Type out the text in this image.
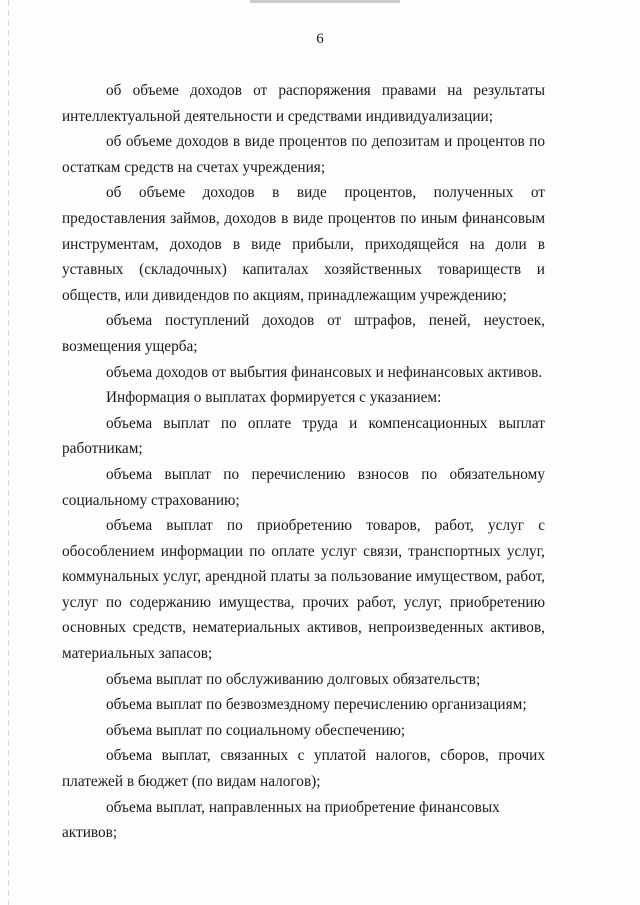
6

об объеме доходов от распоряжения правами на результаты интеллектуальной деятельности и средствами индивидуализации;

об объеме доходов в виде процентов по депозитам и процентов по остаткам средств на счетах учреждения;

об объеме доходов в виде процентов, полученных от предоставления займов, доходов в виде процентов по иным финансовым инструментам, доходов в виде прибыли, приходящейся на доли в уставных (складочных) капиталах хозяйственных товариществ и обществ, или дивидендов по акциям, принадлежащим учреждению;

объема поступлений доходов от штрафов, пеней, неустоек, возмещения ущерба;

объема доходов от выбытия финансовых и нефинансовых активов.

Информация о выплатах формируется с указанием:

объема выплат по оплате труда и компенсационных выплат работникам;

объема выплат по перечислению взносов по обязательному социальному страхованию;

объема выплат по приобретению товаров, работ, услуг с обособлением информации по оплате услуг связи, транспортных услуг, коммунальных услуг, арендной платы за пользование имуществом, работ, услуг по содержанию имущества, прочих работ, услуг, приобретению основных средств, нематериальных активов, непроизведенных активов, материальных запасов;

объема выплат по обслуживанию долговых обязательств;

объема выплат по безвозмездному перечислению организациям;

объема выплат по социальному обеспечению;

объема выплат, связанных с уплатой налогов, сборов, прочих платежей в бюджет (по видам налогов);

объема выплат, направленных на приобретение финансовых активов;
